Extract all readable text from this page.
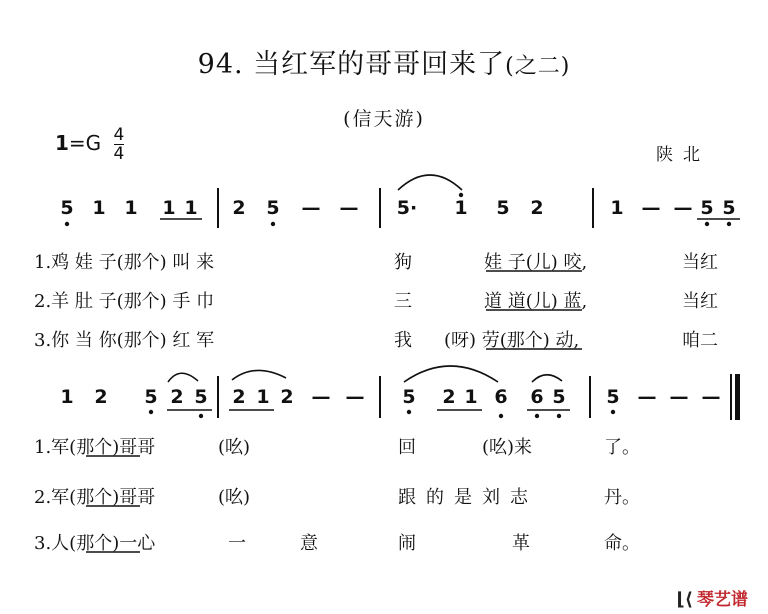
94. 当红军的哥哥回来了(之二)
(信天游)
$1=G \frac{4}{4}$	陕北
5 1 1 1 1 2 5 — — 5· 1 5 2	1 — — 5 5
1.鸡 娃 子(那个) 叫 来	狗	娃 子(儿) 咬,	当红
2.羊 肚 子(那个) 手 巾	三	道 道(儿) 蓝,	当红
3.你 当 你(那个) 红 军	我 (呀) 劳(那个) 动,	咱二
1 2 5 2 5 2 1 2 — — 5 2 1 6 6 5 5 — — —
1.军(那个)哥哥	(吆)	回	(吆)来	了。
2.军(那个)哥哥	(吆)	跟的是刘志	丹。
3.人(那个)一心	一	意	闹	革	命。
⌊⟨ 琴艺谱
